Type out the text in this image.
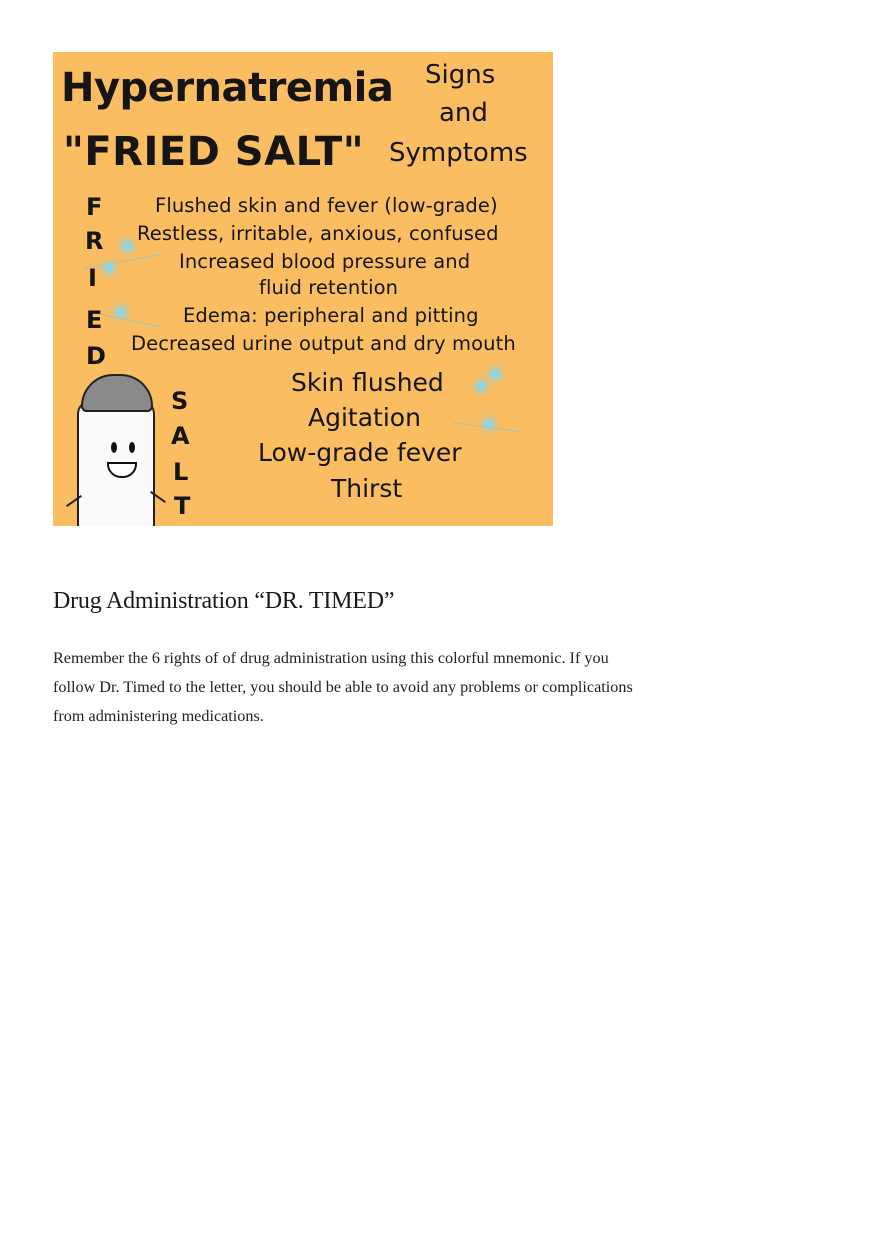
Hypernatremia
"FRIED SALT"
Signs
and
Symptoms
F
R
I
E
D
Flushed skin and fever (low-grade)
Restless, irritable, anxious, confused
Increased blood pressure and
fluid retention
Edema: peripheral and pitting
Decreased urine output and dry mouth
S
A
L
T
Skin flushed
Agitation
Low-grade fever
Thirst
Drug Administration “DR. TIMED”

Remember the 6 rights of of drug administration using this colorful mnemonic. If you
follow Dr. Timed to the letter, you should be able to avoid any problems or complications
from administering medications.
